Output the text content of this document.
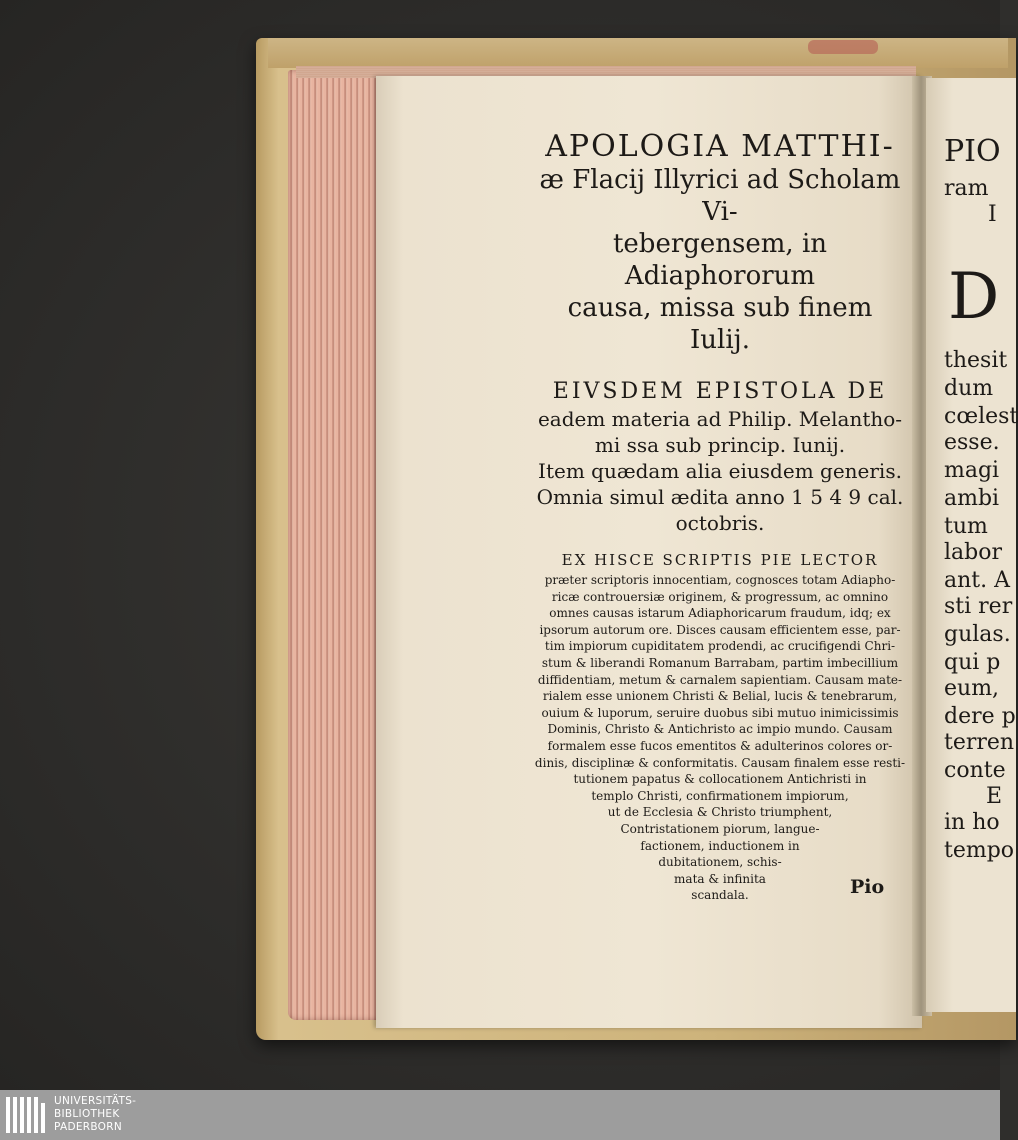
PIO
ram
I
D
thesit
dum
cœlest
esse.
magi
ambi
tum
labor
ant. A
sti rer
gulas.
qui p
eum,
dere p
terren
conte
E
in ho
tempo

APOLOGIA MATTHI-

æ Flacij Illyrici ad Scholam Vi-

tebergensem, in Adiaphororum

causa, missa sub finem

Iulij.

EIVSDEM EPISTOLA DE

eadem materia ad Philip. Melantho-

mi ssa sub princip. Iunij.

Item quædam alia eiusdem generis.

Omnia simul ædita anno 1 5 4 9 cal.

octobris.

EX HISCE SCRIPTIS PIE LECTOR

præter scriptoris innocentiam, cognosces totam Adiapho-

ricæ controuersiæ originem, & progressum, ac omnino

omnes causas istarum Adiaphoricarum fraudum, idq; ex

ipsorum autorum ore. Disces causam efficientem esse, par-

tim impiorum cupiditatem prodendi, ac crucifigendi Chri-

stum & liberandi Romanum Barrabam, partim imbecillium

diffidentiam, metum & carnalem sapientiam. Causam mate-

rialem esse unionem Christi & Belial, lucis & tenebrarum,

ouium & luporum, seruire duobus sibi mutuo inimicissimis

Dominis, Christo & Antichristo ac impio mundo. Causam

formalem esse fucos ementitos & adulterinos colores or-

dinis, disciplinæ & conformitatis. Causam finalem esse resti-

tutionem papatus & collocationem Antichristi in

templo Christi, confirmationem impiorum,

ut de Ecclesia & Christo triumphent,

Contristationem piorum, langue-

factionem, inductionem in

dubitationem, schis-

mata & infinita

scandala.	Pio
UNIVERSITÄTS-
BIBLIOTHEK
PADERBORN
